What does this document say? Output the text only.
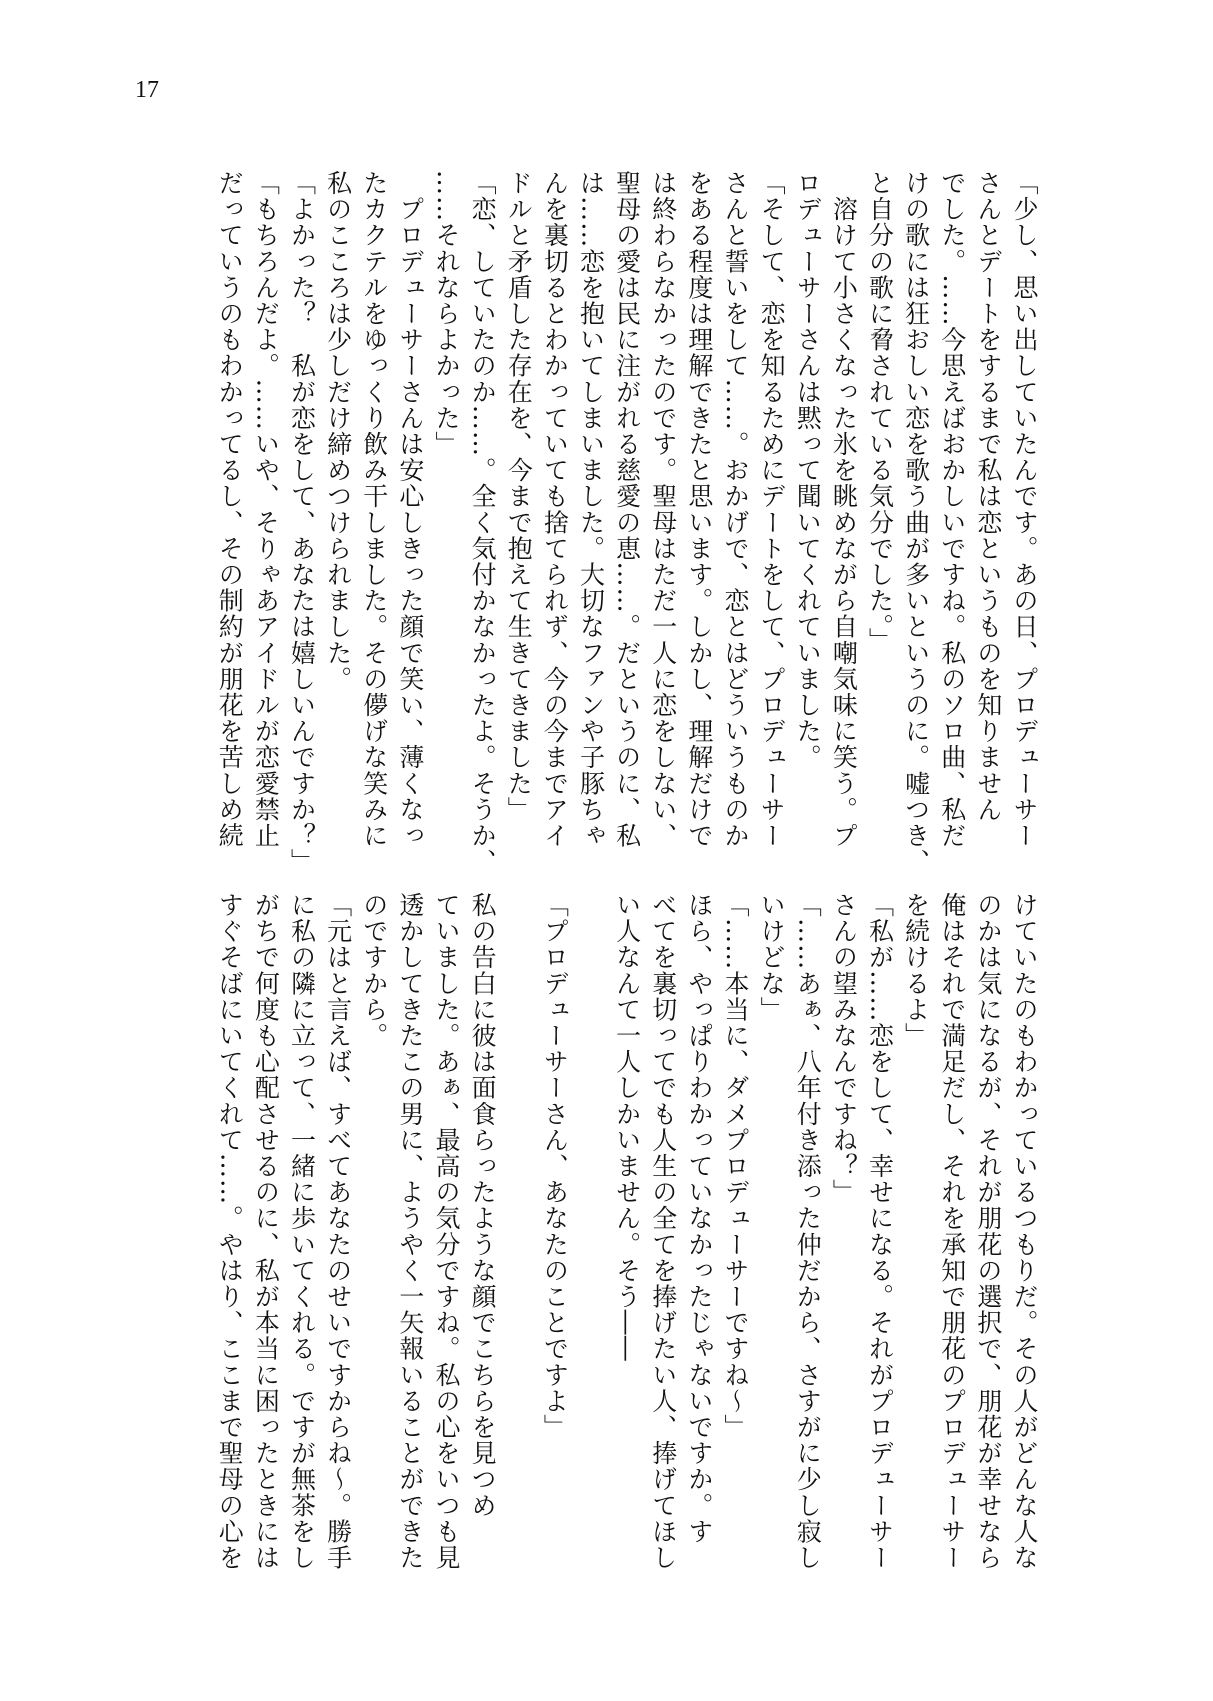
17
「少し、思い出していたんです。あの日、プロデューサー
さんとデートをするまで私は恋というものを知りません
でした。……今思えばおかしいですね。私のソロ曲、私だ
けの歌には狂おしい恋を歌う曲が多いというのに。嘘つき、
と自分の歌に脅されている気分でした。」
　溶けて小さくなった氷を眺めながら自嘲気味に笑う。プ
ロデューサーさんは黙って聞いてくれていました。
「そして、恋を知るためにデートをして、プロデューサー
さんと誓いをして……。おかげで、恋とはどういうものか
をある程度は理解できたと思います。しかし、理解だけで
は終わらなかったのです。聖母はただ一人に恋をしない、
聖母の愛は民に注がれる慈愛の恵……。だというのに、私
は……恋を抱いてしまいました。大切なファンや子豚ちゃ
んを裏切るとわかっていても捨てられず、今の今までアイ
ドルと矛盾した存在を、今まで抱えて生きてきました」
「恋、していたのか……。全く気付かなかったよ。そうか、
……それならよかった」
　プロデューサーさんは安心しきった顔で笑い、薄くなっ
たカクテルをゆっくり飲み干しました。その儚げな笑みに
私のこころは少しだけ締めつけられました。
「よかった？　私が恋をして、あなたは嬉しいんですか？」
「もちろんだよ。……いや、そりゃあアイドルが恋愛禁止
だっていうのもわかってるし、その制約が朋花を苦しめ続
けていたのもわかっているつもりだ。その人がどんな人な
のかは気になるが、それが朋花の選択で、朋花が幸せなら
俺はそれで満足だし、それを承知で朋花のプロデューサー
を続けるよ」
「私が……恋をして、幸せになる。それがプロデューサー
さんの望みなんですね？」
「……あぁ、八年付き添った仲だから、さすがに少し寂し
いけどな」
「……本当に、ダメプロデューサーですね〜」
ほら、やっぱりわかっていなかったじゃないですか。す
べてを裏切ってでも人生の全てを捧げたい人、捧げてほし
い人なんて一人しかいません。そう――
「プロデューサーさん、あなたのことですよ」
私の告白に彼は面食らったような顔でこちらを見つめ
ていました。あぁ、最高の気分ですね。私の心をいつも見
透かしてきたこの男に、ようやく一矢報いることができた
のですから。
「元はと言えば、すべてあなたのせいですからね〜。勝手
に私の隣に立って、一緒に歩いてくれる。ですが無茶をし
がちで何度も心配させるのに、私が本当に困ったときには
すぐそばにいてくれて……。やはり、ここまで聖母の心を
